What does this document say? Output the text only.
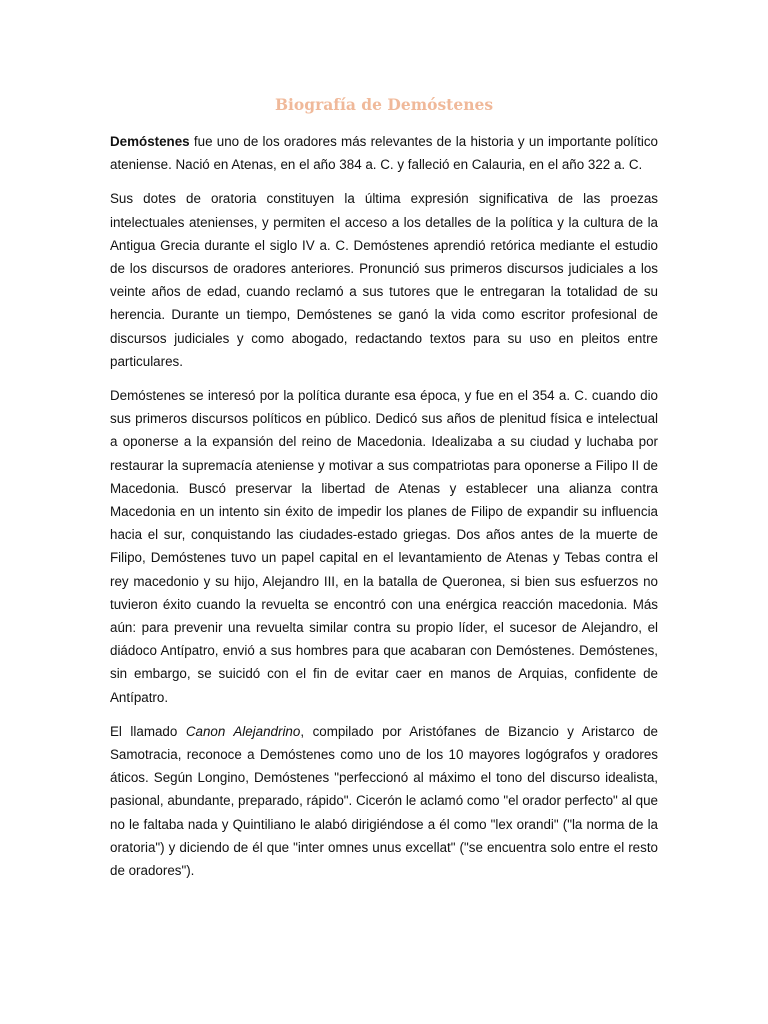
Biografía de Demóstenes

Demóstenes fue uno de los oradores más relevantes de la historia y un importante político ateniense. Nació en Atenas, en el año 384 a. C. y falleció en Calauria, en el año 322 a. C.

Sus dotes de oratoria constituyen la última expresión significativa de las proezas intelectuales atenienses, y permiten el acceso a los detalles de la política y la cultura de la Antigua Grecia durante el siglo IV a. C. Demóstenes aprendió retórica mediante el estudio de los discursos de oradores anteriores. Pronunció sus primeros discursos judiciales a los veinte años de edad, cuando reclamó a sus tutores que le entregaran la totalidad de su herencia. Durante un tiempo, Demóstenes se ganó la vida como escritor profesional de discursos judiciales y como abogado, redactando textos para su uso en pleitos entre particulares.

Demóstenes se interesó por la política durante esa época, y fue en el 354 a. C. cuando dio sus primeros discursos políticos en público. Dedicó sus años de plenitud física e intelectual a oponerse a la expansión del reino de Macedonia. Idealizaba a su ciudad y luchaba por restaurar la supremacía ateniense y motivar a sus compatriotas para oponerse a Filipo II de Macedonia. Buscó preservar la libertad de Atenas y establecer una alianza contra Macedonia en un intento sin éxito de impedir los planes de Filipo de expandir su influencia hacia el sur, conquistando las ciudades-estado griegas. Dos años antes de la muerte de Filipo, Demóstenes tuvo un papel capital en el levantamiento de Atenas y Tebas contra el rey macedonio y su hijo, Alejandro III, en la batalla de Queronea, si bien sus esfuerzos no tuvieron éxito cuando la revuelta se encontró con una enérgica reacción macedonia. Más aún: para prevenir una revuelta similar contra su propio líder, el sucesor de Alejandro, el diádoco Antípatro, envió a sus hombres para que acabaran con Demóstenes. Demóstenes, sin embargo, se suicidó con el fin de evitar caer en manos de Arquias, confidente de Antípatro.

El llamado Canon Alejandrino, compilado por Aristófanes de Bizancio y Aristarco de Samotracia, reconoce a Demóstenes como uno de los 10 mayores logógrafos y oradores áticos. Según Longino, Demóstenes "perfeccionó al máximo el tono del discurso idealista, pasional, abundante, preparado, rápido". Cicerón le aclamó como "el orador perfecto" al que no le faltaba nada y Quintiliano le alabó dirigiéndose a él como "lex orandi" ("la norma de la oratoria") y diciendo de él que "inter omnes unus excellat" ("se encuentra solo entre el resto de oradores").
